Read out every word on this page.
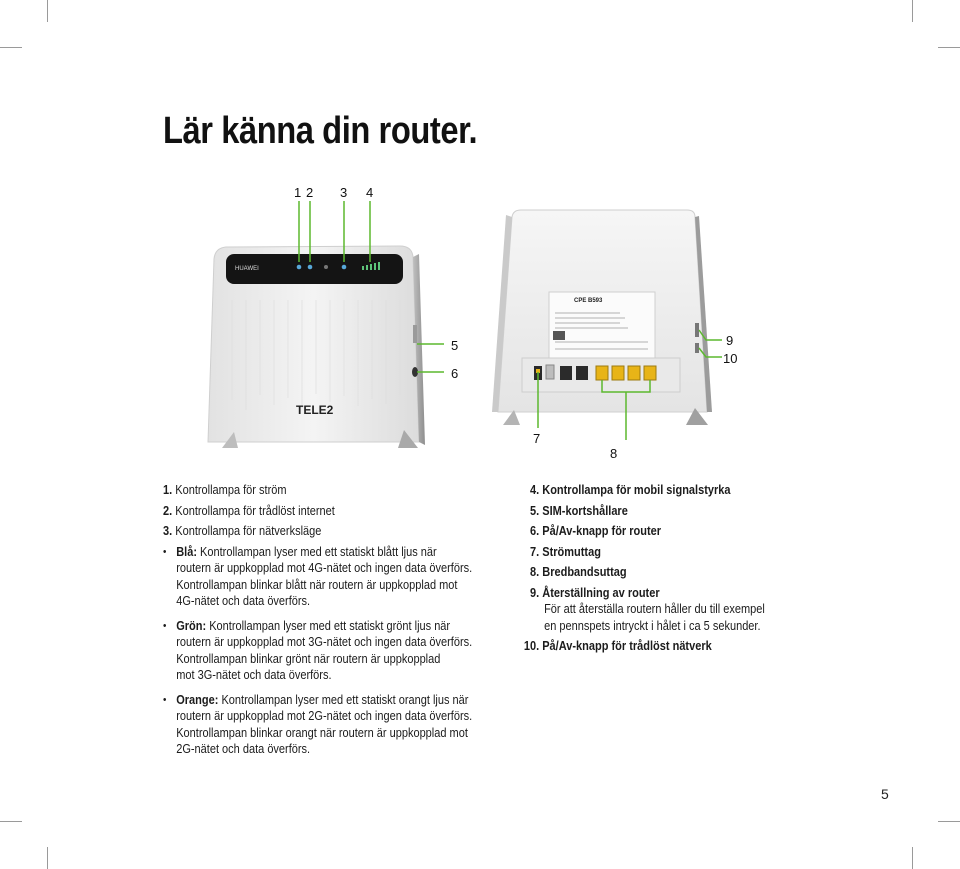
Lär känna din router.
HUAWEI
TELE2
CPE B593
1 2 3 4
5
6
7
8
9
10
1. Kontrollampa för ström
2. Kontrollampa för trådlöst internet
3. Kontrollampa för nätverksläge
• Blå: Kontrollampan lyser med ett statiskt blått ljus när
routern är uppkopplad mot 4G-nätet och ingen data överförs.
Kontrollampan blinkar blått när routern är uppkopplad mot
4G-nätet och data överförs.
• Grön: Kontrollampan lyser med ett statiskt grönt ljus när
routern är uppkopplad mot 3G-nätet och ingen data överförs.
Kontrollampan blinkar grönt när routern är uppkopplad
mot 3G-nätet och data överförs.
• Orange: Kontrollampan lyser med ett statiskt orangt ljus när
routern är uppkopplad mot 2G-nätet och ingen data överförs.
Kontrollampan blinkar orangt när routern är uppkopplad mot
2G-nätet och data överförs.
4. Kontrollampa för mobil signalstyrka
5. SIM-kortshållare
6. På/Av-knapp för router
7. Strömuttag
8. Bredbandsuttag
9. Återställning av router
För att återställa routern håller du till exempel
en pennspets intryckt i hålet i ca 5 sekunder.
10. På/Av-knapp för trådlöst nätverk
5
